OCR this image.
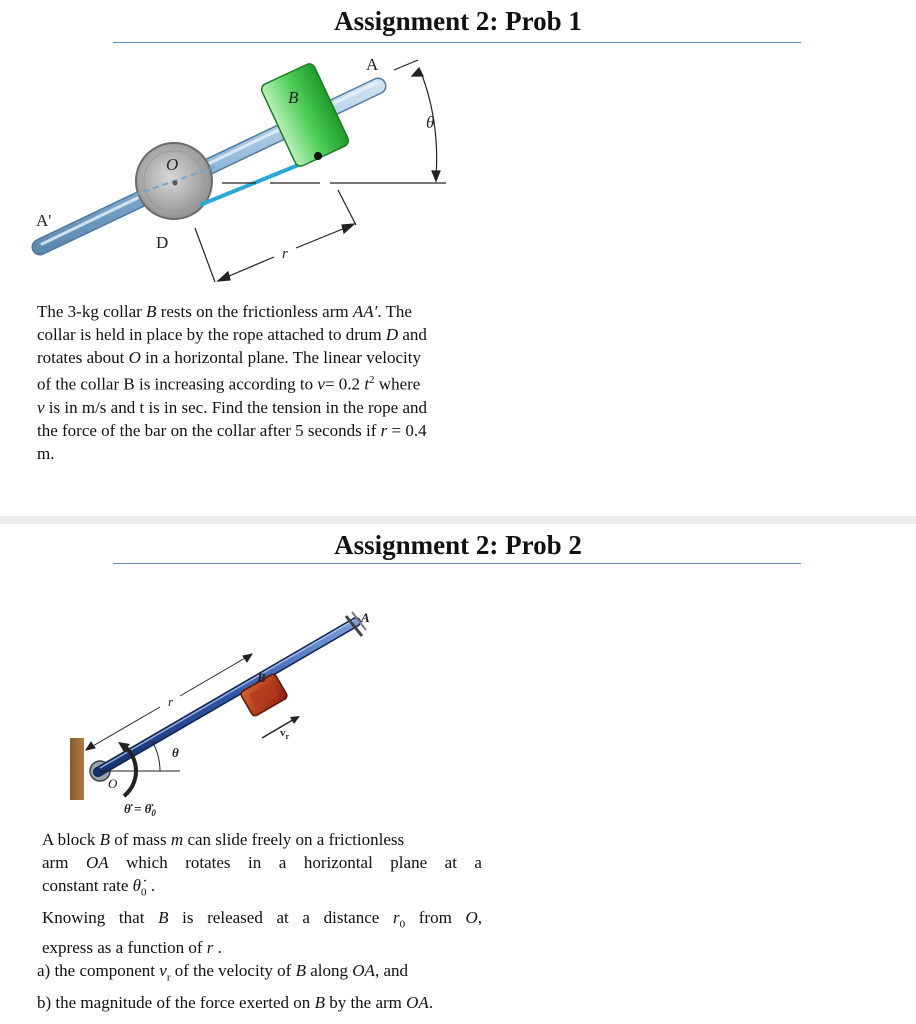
Assignment 2: Prob 1
A
A'
B
O
D
r
θ
The 3-kg collar B rests on the frictionless arm AA′. The
collar is held in place by the rope attached to drum D and
rotates about O in a horizontal plane. The linear velocity
of the collar B is increasing according to v= 0.2 $t^2$ where
v is in m/s and t is in sec. Find the tension in the rope and
the force of the bar on the collar after 5 seconds if r = 0.4
m.
Assignment 2: Prob 2
A
B
O
r
θ
$v_r$
θ̇ = $\thetȧ_0$
A block B of mass m can slide freely on a frictionless
arm OA which rotates in a horizontal plane at a
constant rate $\thetȧ_0$ .
Knowing that B is released at a distance $r_0$ from O,
express as a function of r .
a) the component $v_r$ of the velocity of B along OA, and
b) the magnitude of the force exerted on B by the arm OA.
